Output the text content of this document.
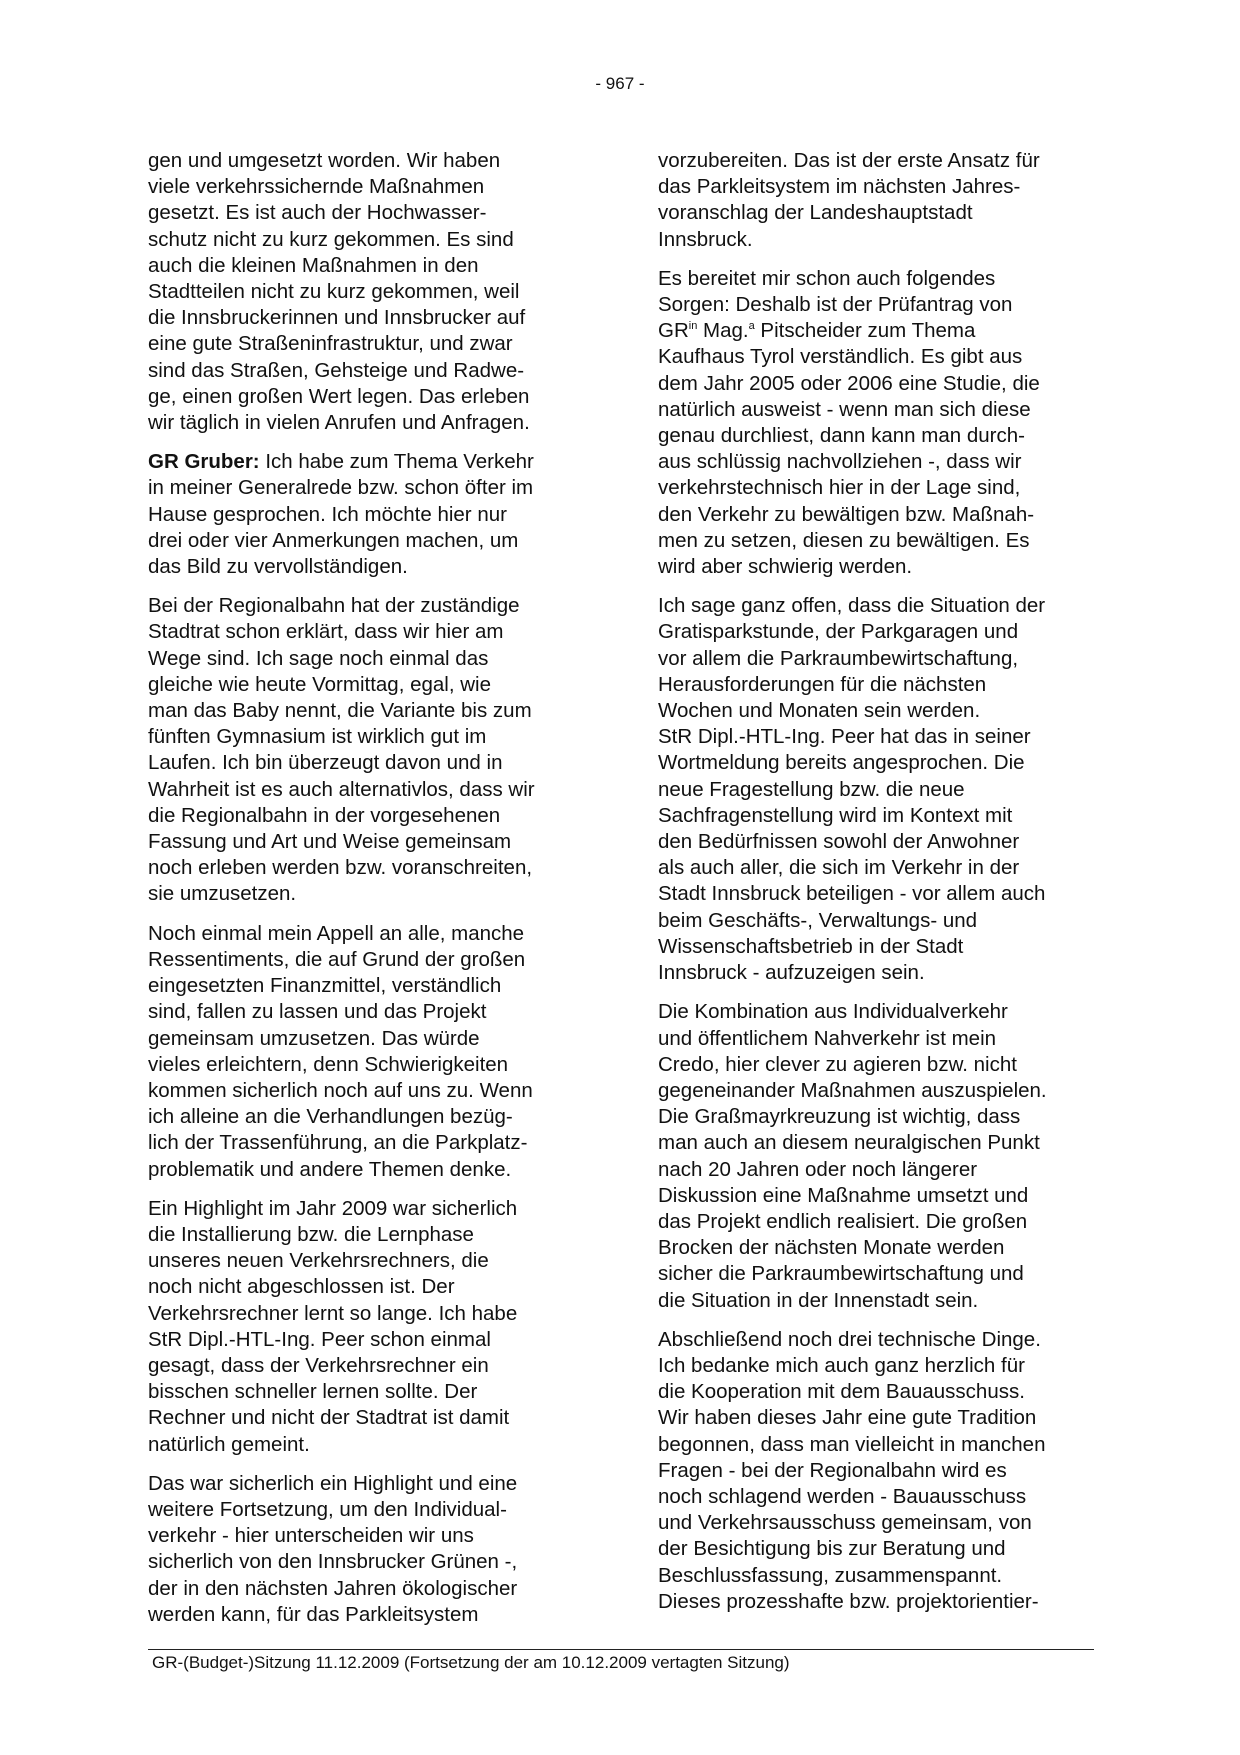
- 967 -

gen und umgesetzt worden. Wir haben
viele verkehrssichernde Maßnahmen
gesetzt. Es ist auch der Hochwasser-
schutz nicht zu kurz gekommen. Es sind
auch die kleinen Maßnahmen in den
Stadtteilen nicht zu kurz gekommen, weil
die Innsbruckerinnen und Innsbrucker auf
eine gute Straßeninfrastruktur, und zwar
sind das Straßen, Gehsteige und Radwe-
ge, einen großen Wert legen. Das erleben
wir täglich in vielen Anrufen und Anfragen.

GR Gruber: Ich habe zum Thema Verkehr
in meiner Generalrede bzw. schon öfter im
Hause gesprochen. Ich möchte hier nur
drei oder vier Anmerkungen machen, um
das Bild zu vervollständigen.

Bei der Regionalbahn hat der zuständige
Stadtrat schon erklärt, dass wir hier am
Wege sind. Ich sage noch einmal das
gleiche wie heute Vormittag, egal, wie
man das Baby nennt, die Variante bis zum
fünften Gymnasium ist wirklich gut im
Laufen. Ich bin überzeugt davon und in
Wahrheit ist es auch alternativlos, dass wir
die Regionalbahn in der vorgesehenen
Fassung und Art und Weise gemeinsam
noch erleben werden bzw. voranschreiten,
sie umzusetzen.

Noch einmal mein Appell an alle, manche
Ressentiments, die auf Grund der großen
eingesetzten Finanzmittel, verständlich
sind, fallen zu lassen und das Projekt
gemeinsam umzusetzen. Das würde
vieles erleichtern, denn Schwierigkeiten
kommen sicherlich noch auf uns zu. Wenn
ich alleine an die Verhandlungen bezüg-
lich der Trassenführung, an die Parkplatz-
problematik und andere Themen denke.

Ein Highlight im Jahr 2009 war sicherlich
die Installierung bzw. die Lernphase
unseres neuen Verkehrsrechners, die
noch nicht abgeschlossen ist. Der
Verkehrsrechner lernt so lange. Ich habe
StR Dipl.-HTL-Ing. Peer schon einmal
gesagt, dass der Verkehrsrechner ein
bisschen schneller lernen sollte. Der
Rechner und nicht der Stadtrat ist damit
natürlich gemeint.

Das war sicherlich ein Highlight und eine
weitere Fortsetzung, um den Individual-
verkehr - hier unterscheiden wir uns
sicherlich von den Innsbrucker Grünen -,
der in den nächsten Jahren ökologischer
werden kann, für das Parkleitsystem

vorzubereiten. Das ist der erste Ansatz für
das Parkleitsystem im nächsten Jahres-
voranschlag der Landeshauptstadt
Innsbruck.

Es bereitet mir schon auch folgendes
Sorgen: Deshalb ist der Prüfantrag von
$GR^{in}$ Mag.$^a$ Pitscheider zum Thema
Kaufhaus Tyrol verständlich. Es gibt aus
dem Jahr 2005 oder 2006 eine Studie, die
natürlich ausweist - wenn man sich diese
genau durchliest, dann kann man durch-
aus schlüssig nachvollziehen -, dass wir
verkehrstechnisch hier in der Lage sind,
den Verkehr zu bewältigen bzw. Maßnah-
men zu setzen, diesen zu bewältigen. Es
wird aber schwierig werden.

Ich sage ganz offen, dass die Situation der
Gratisparkstunde, der Parkgaragen und
vor allem die Parkraumbewirtschaftung,
Herausforderungen für die nächsten
Wochen und Monaten sein werden.
StR Dipl.-HTL-Ing. Peer hat das in seiner
Wortmeldung bereits angesprochen. Die
neue Fragestellung bzw. die neue
Sachfragenstellung wird im Kontext mit
den Bedürfnissen sowohl der Anwohner
als auch aller, die sich im Verkehr in der
Stadt Innsbruck beteiligen - vor allem auch
beim Geschäfts-, Verwaltungs- und
Wissenschaftsbetrieb in der Stadt
Innsbruck - aufzuzeigen sein.

Die Kombination aus Individualverkehr
und öffentlichem Nahverkehr ist mein
Credo, hier clever zu agieren bzw. nicht
gegeneinander Maßnahmen auszuspielen.
Die Graßmayrkreuzung ist wichtig, dass
man auch an diesem neuralgischen Punkt
nach 20 Jahren oder noch längerer
Diskussion eine Maßnahme umsetzt und
das Projekt endlich realisiert. Die großen
Brocken der nächsten Monate werden
sicher die Parkraumbewirtschaftung und
die Situation in der Innenstadt sein.

Abschließend noch drei technische Dinge.
Ich bedanke mich auch ganz herzlich für
die Kooperation mit dem Bauausschuss.
Wir haben dieses Jahr eine gute Tradition
begonnen, dass man vielleicht in manchen
Fragen - bei der Regionalbahn wird es
noch schlagend werden - Bauausschuss
und Verkehrsausschuss gemeinsam, von
der Besichtigung bis zur Beratung und
Beschlussfassung, zusammenspannt.
Dieses prozesshafte bzw. projektorientier-

GR-(Budget-)Sitzung 11.12.2009 (Fortsetzung der am 10.12.2009 vertagten Sitzung)
